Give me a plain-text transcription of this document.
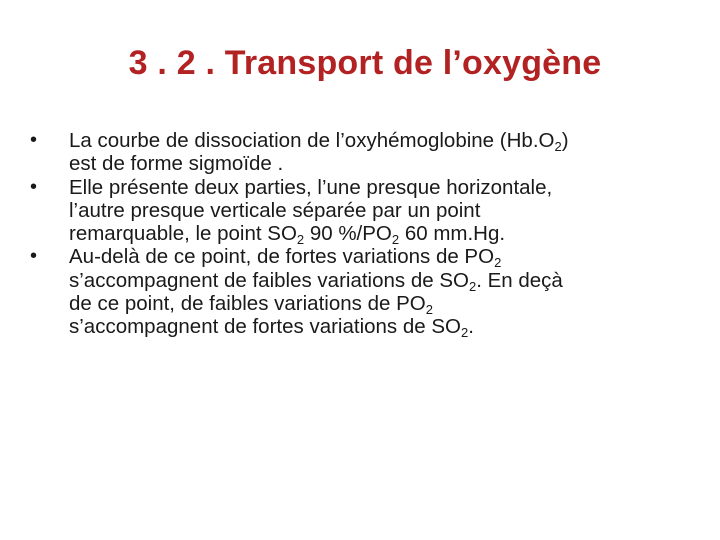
3 . 2 . Transport de l’oxygène
• La courbe de dissociation de l’oxyhémoglobine $(Hb.O_2)$
est de forme sigmoïde .
• Elle présente deux parties, l’une presque horizontale,
l’autre presque verticale séparée par un point
remarquable, le point $SO_2$ 90 $\%/PO_2$ 60 mm.Hg.
• Au-delà de ce point, de fortes variations de $PO_2$
s’accompagnent de faibles variations de $SO_2$. En deçà
de ce point, de faibles variations de $PO_2$
s’accompagnent de fortes variations de $SO_2$.
